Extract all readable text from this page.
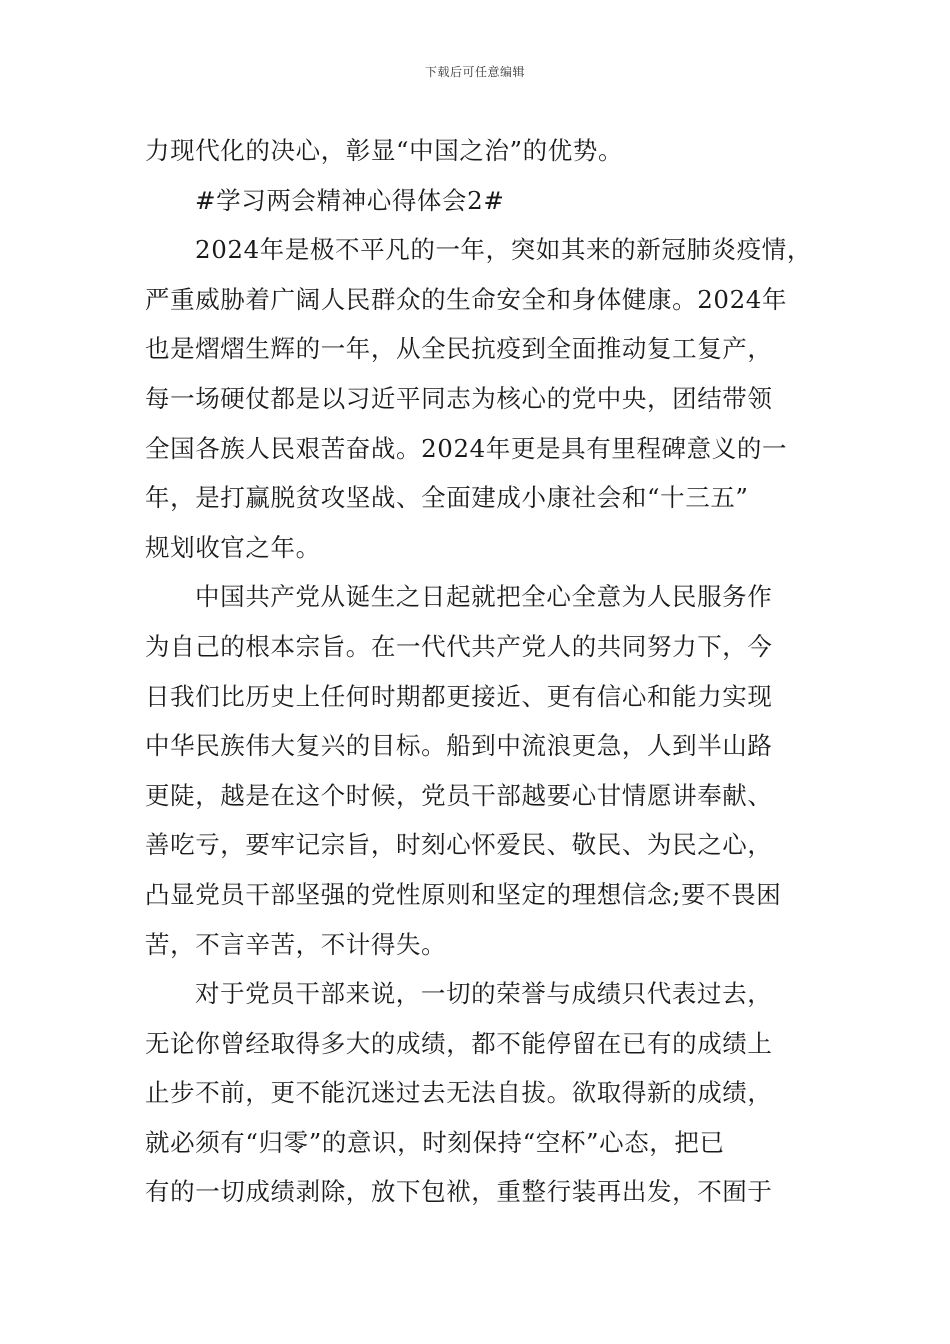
下载后可任意编辑
力现代化的决心，彰显“中国之治”的优势。
#学习两会精神心得体会2#
2024年是极不平凡的一年，突如其来的新冠肺炎疫情，
严重威胁着广阔人民群众的生命安全和身体健康。2024年
也是熠熠生辉的一年，从全民抗疫到全面推动复工复产，
每一场硬仗都是以习近平同志为核心的党中央，团结带领
全国各族人民艰苦奋战。2024年更是具有里程碑意义的一
年，是打赢脱贫攻坚战、全面建成小康社会和“十三五”
规划收官之年。
中国共产党从诞生之日起就把全心全意为人民服务作
为自己的根本宗旨。在一代代共产党人的共同努力下，今
日我们比历史上任何时期都更接近、更有信心和能力实现
中华民族伟大复兴的目标。船到中流浪更急，人到半山路
更陡，越是在这个时候，党员干部越要心甘情愿讲奉献、
善吃亏，要牢记宗旨，时刻心怀爱民、敬民、为民之心，
凸显党员干部坚强的党性原则和坚定的理想信念;要不畏困
苦，不言辛苦，不计得失。
对于党员干部来说，一切的荣誉与成绩只代表过去，
无论你曾经取得多大的成绩，都不能停留在已有的成绩上
止步不前，更不能沉迷过去无法自拔。欲取得新的成绩，
就必须有“归零”的意识，时刻保持“空杯”心态，把已
有的一切成绩剥除，放下包袱，重整行装再出发，不囿于
